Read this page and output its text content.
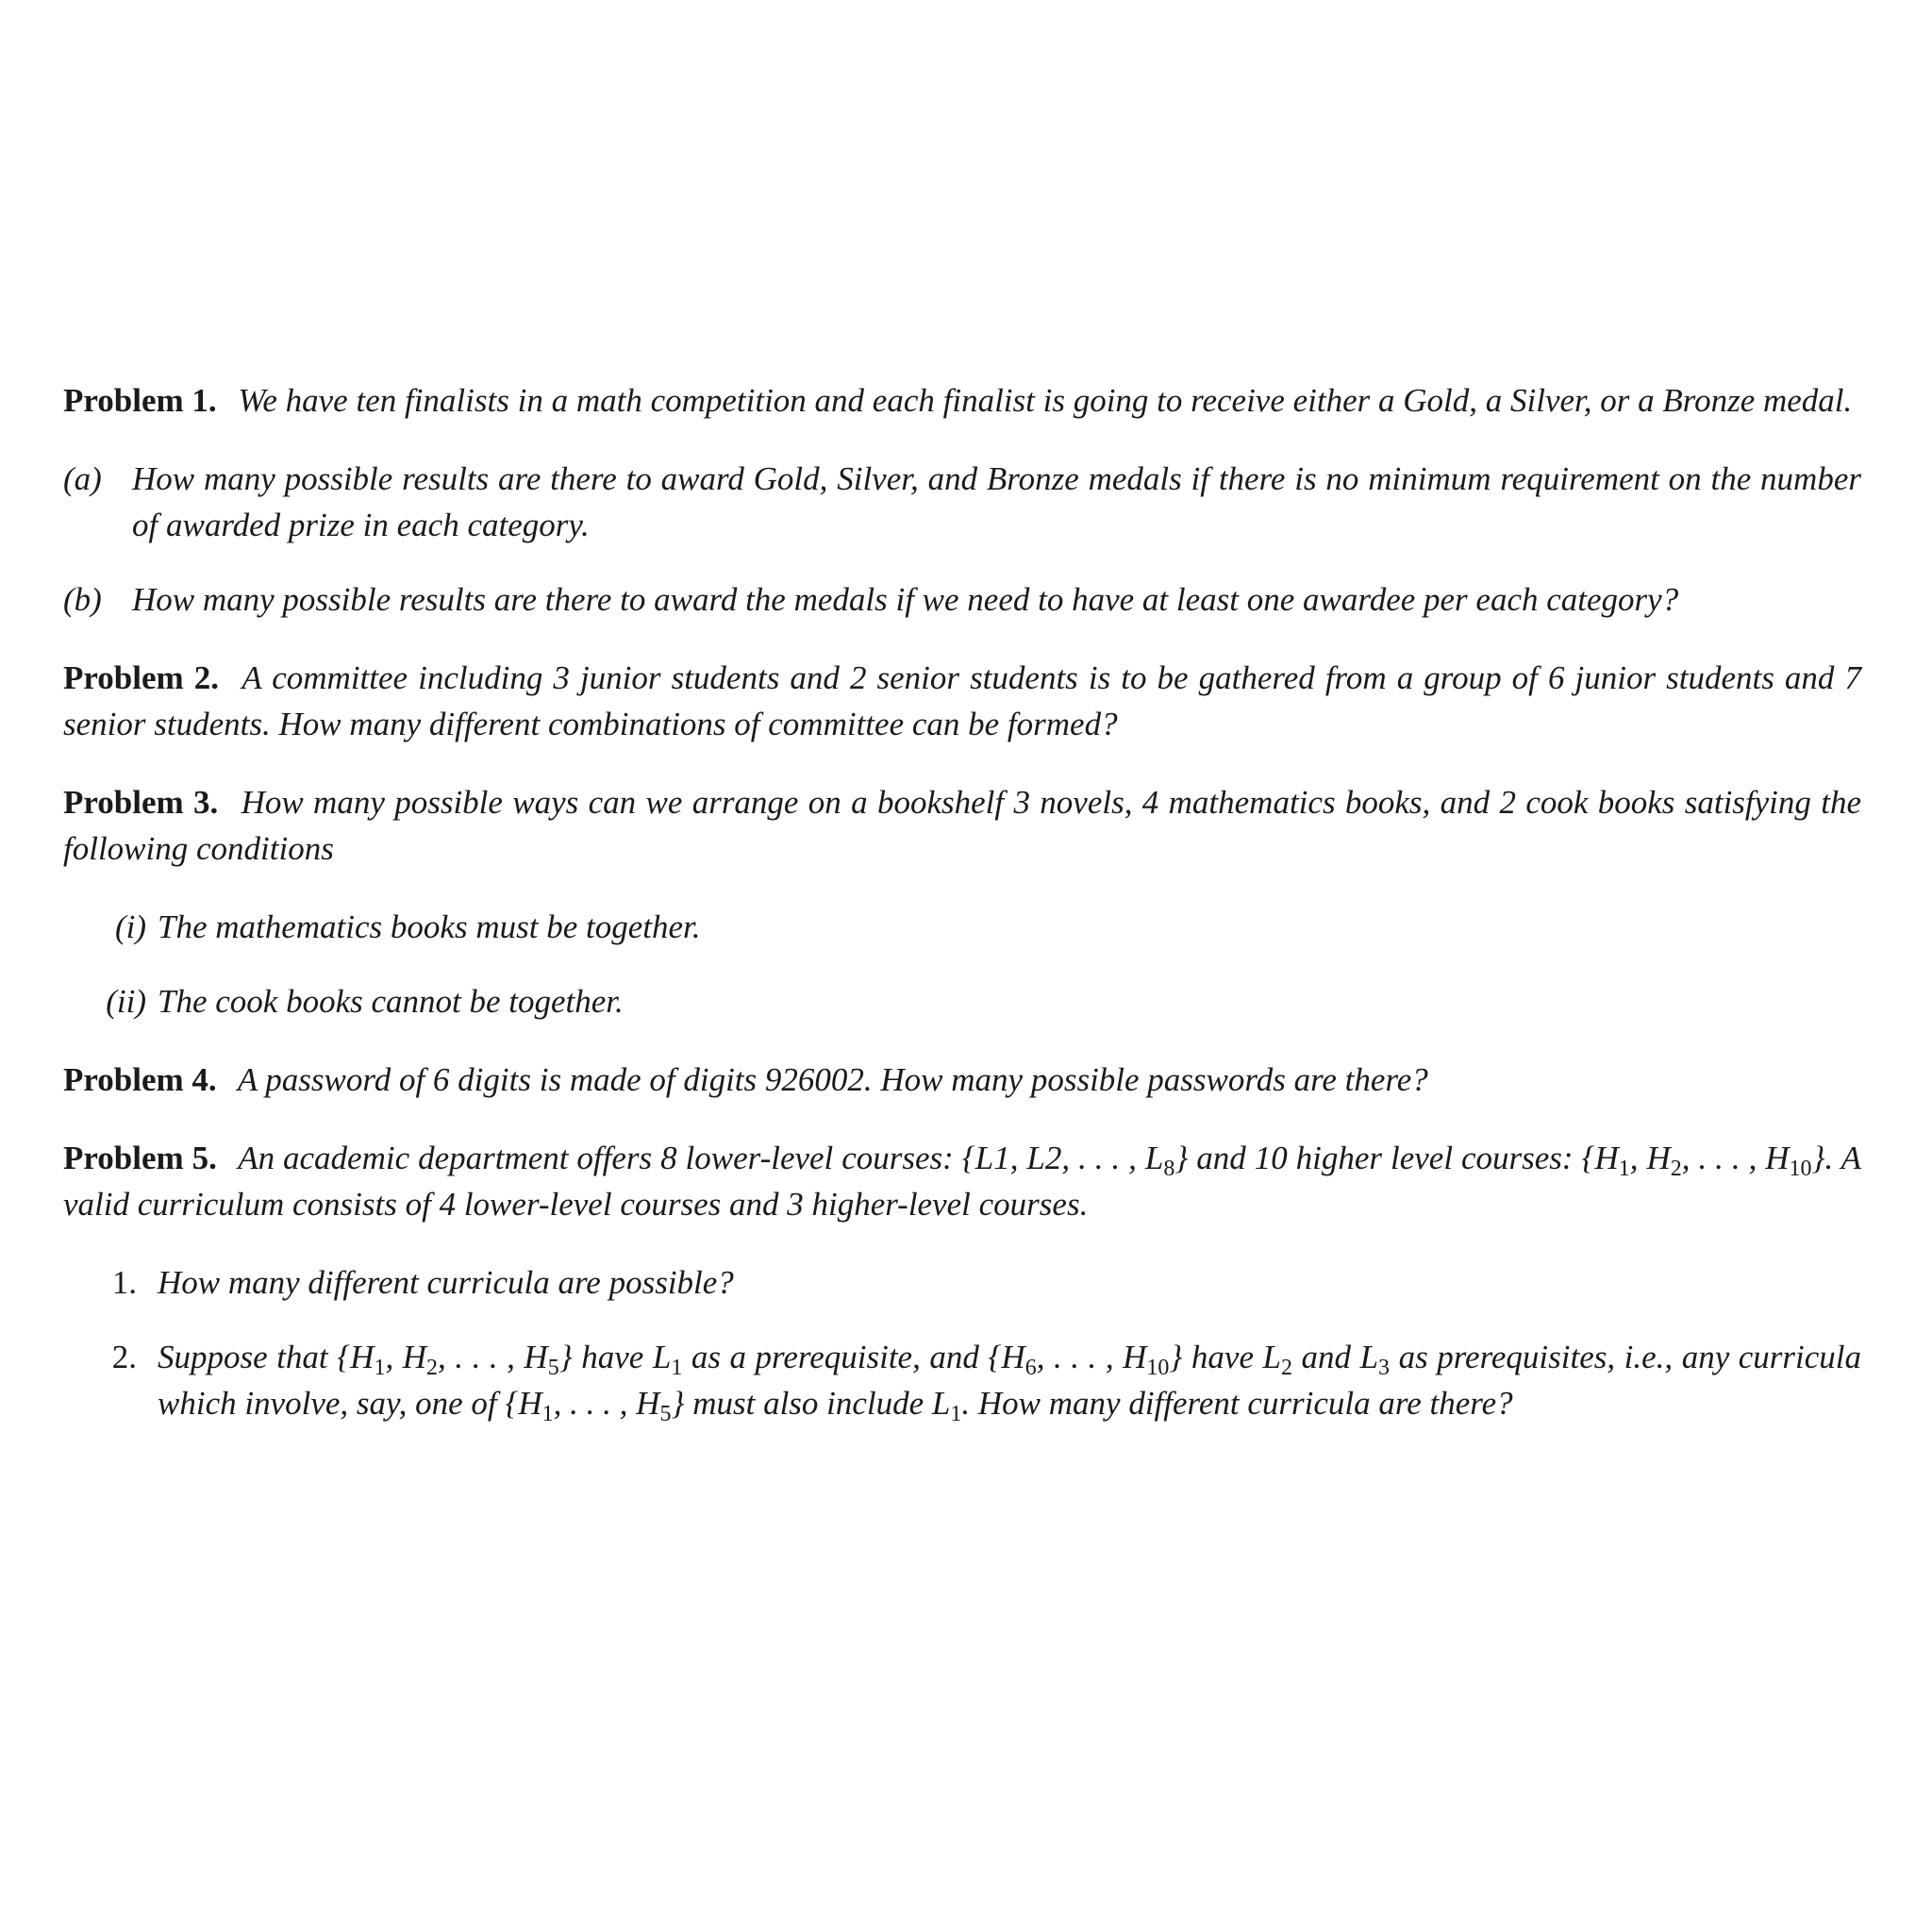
Problem 1. We have ten finalists in a math competition and each finalist is going to receive either a Gold, a Silver, or a Bronze medal.

(a) How many possible results are there to award Gold, Silver, and Bronze medals if there is no minimum requirement on the number of awarded prize in each category.
(b) How many possible results are there to award the medals if we need to have at least one awardee per each category?

Problem 2. A committee including 3 junior students and 2 senior students is to be gathered from a group of 6 junior students and 7 senior students. How many different combinations of committee can be formed?

Problem 3. How many possible ways can we arrange on a bookshelf 3 novels, 4 mathematics books, and 2 cook books satisfying the following conditions

(i) The mathematics books must be together.
(ii) The cook books cannot be together.

Problem 4. A password of 6 digits is made of digits 926002. How many possible passwords are there?

Problem 5. An academic department offers 8 lower-level courses: {L1, L2, . . . , $L_8$} and 10 higher level courses: {$H_1$, $H_2$, . . . , $H_{10}$}. A valid curriculum consists of 4 lower-level courses and 3 higher-level courses.

1. How many different curricula are possible?
2. Suppose that {$H_1$, $H_2$, . . . , $H_5$} have $L_1$ as a prerequisite, and {$H_6$, . . . , $H_{10}$} have $L_2$ and $L_3$ as prerequisites, i.e., any curricula which involve, say, one of {$H_1$, . . . , $H_5$} must also include $L_1$. How many different curricula are there?
